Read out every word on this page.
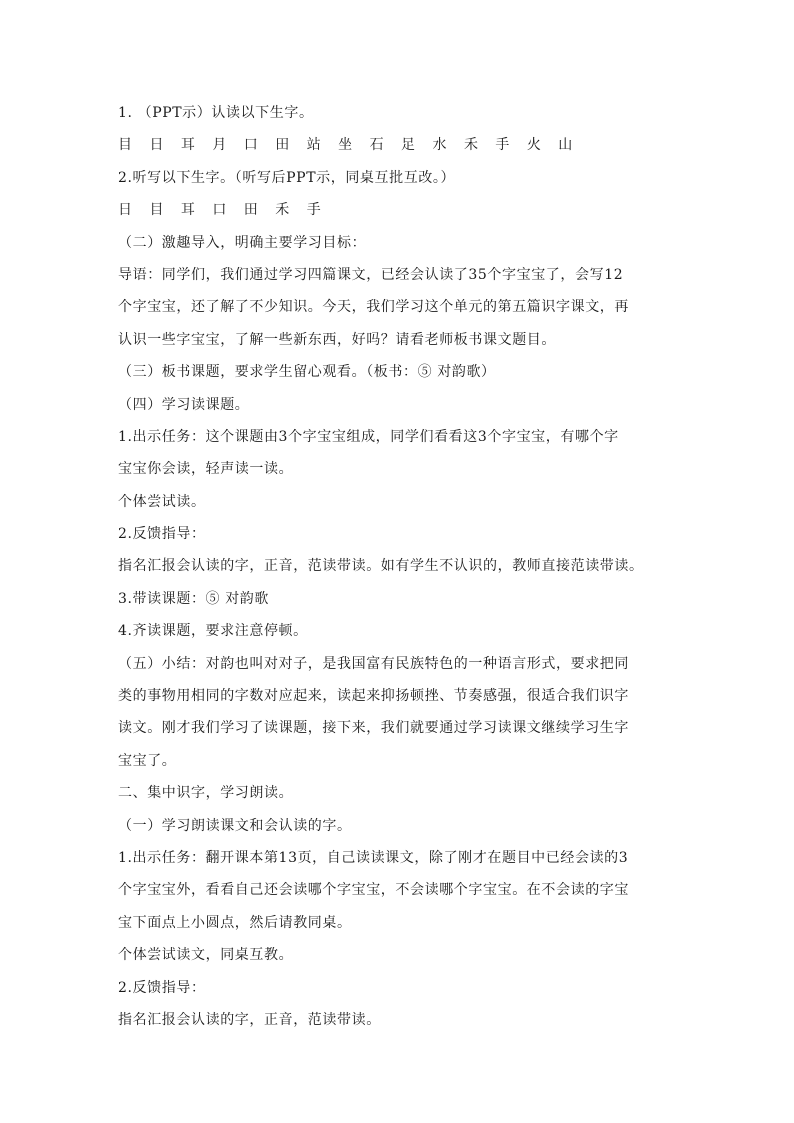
1. （PPT示）认读以下生字。
目 日 耳 月 口 田 站 坐 石 足 水 禾 手 火 山
2.听写以下生字。（听写后PPT示，同桌互批互改。）
日 目 耳 口 田 禾 手
（二）激趣导入，明确主要学习目标：
导语：同学们，我们通过学习四篇课文，已经会认读了35个字宝宝了，会写12
个字宝宝，还了解了不少知识。今天，我们学习这个单元的第五篇识字课文，再
认识一些字宝宝，了解一些新东西，好吗？请看老师板书课文题目。
（三）板书课题，要求学生留心观看。（板书：⑤ 对韵歌）
（四）学习读课题。
1.出示任务：这个课题由3个字宝宝组成，同学们看看这3个字宝宝，有哪个字
宝宝你会读，轻声读一读。
个体尝试读。
2.反馈指导：
指名汇报会认读的字，正音，范读带读。如有学生不认识的，教师直接范读带读。
3.带读课题：⑤ 对韵歌
4.齐读课题，要求注意停顿。
（五）小结：对韵也叫对对子，是我国富有民族特色的一种语言形式，要求把同
类的事物用相同的字数对应起来，读起来抑扬顿挫、节奏感强，很适合我们识字
读文。刚才我们学习了读课题，接下来，我们就要通过学习读课文继续学习生字
宝宝了。
二、集中识字，学习朗读。
（一）学习朗读课文和会认读的字。
1.出示任务：翻开课本第13页，自己读读课文，除了刚才在题目中已经会读的3
个字宝宝外，看看自己还会读哪个字宝宝，不会读哪个字宝宝。在不会读的字宝
宝下面点上小圆点，然后请教同桌。
个体尝试读文，同桌互教。
2.反馈指导：
指名汇报会认读的字，正音，范读带读。
